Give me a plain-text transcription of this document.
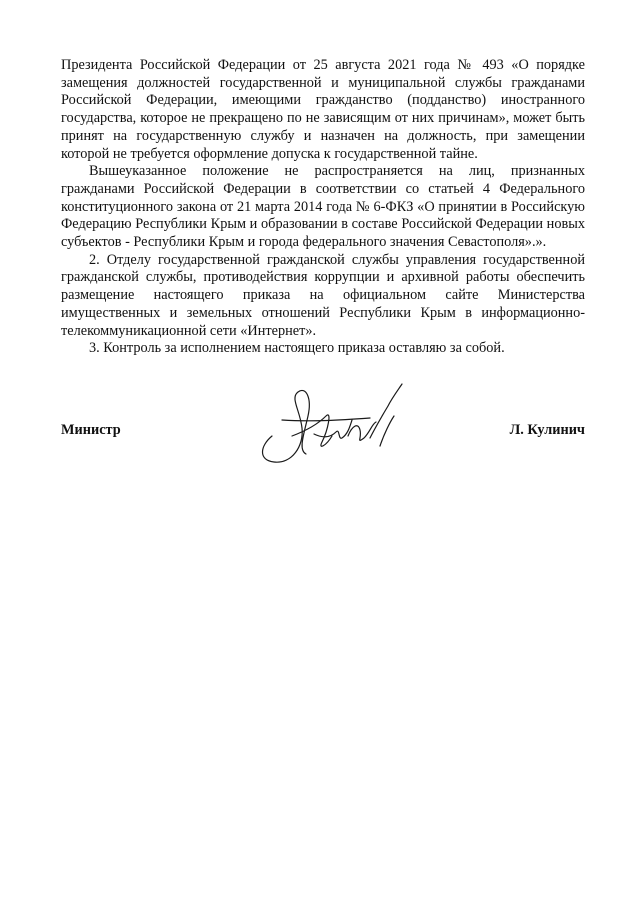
Президента Российской Федерации от 25 августа 2021 года № 493 «О порядке замещения должностей государственной и муниципальной службы гражданами Российской Федерации, имеющими гражданство (подданство) иностранного государства, которое не прекращено по не зависящим от них причинам», может быть принят на государственную службу и назначен на должность, при замещении которой не требуется оформление допуска к государственной тайне.

Вышеуказанное положение не распространяется на лиц, признанных гражданами Российской Федерации в соответствии со статьей 4 Федерального конституционного закона от 21 марта 2014 года № 6-ФКЗ «О принятии в Российскую Федерацию Республики Крым и образовании в составе Российской Федерации новых субъектов - Республики Крым и города федерального значения Севастополя».».

2. Отделу государственной гражданской службы управления государственной гражданской службы, противодействия коррупции и архивной работы обеспечить размещение настоящего приказа на официальном сайте Министерства имущественных и земельных отношений Республики Крым в информационно-телекоммуникационной сети «Интернет».

3. Контроль за исполнением настоящего приказа оставляю за собой.

Министр	Л. Кулинич
